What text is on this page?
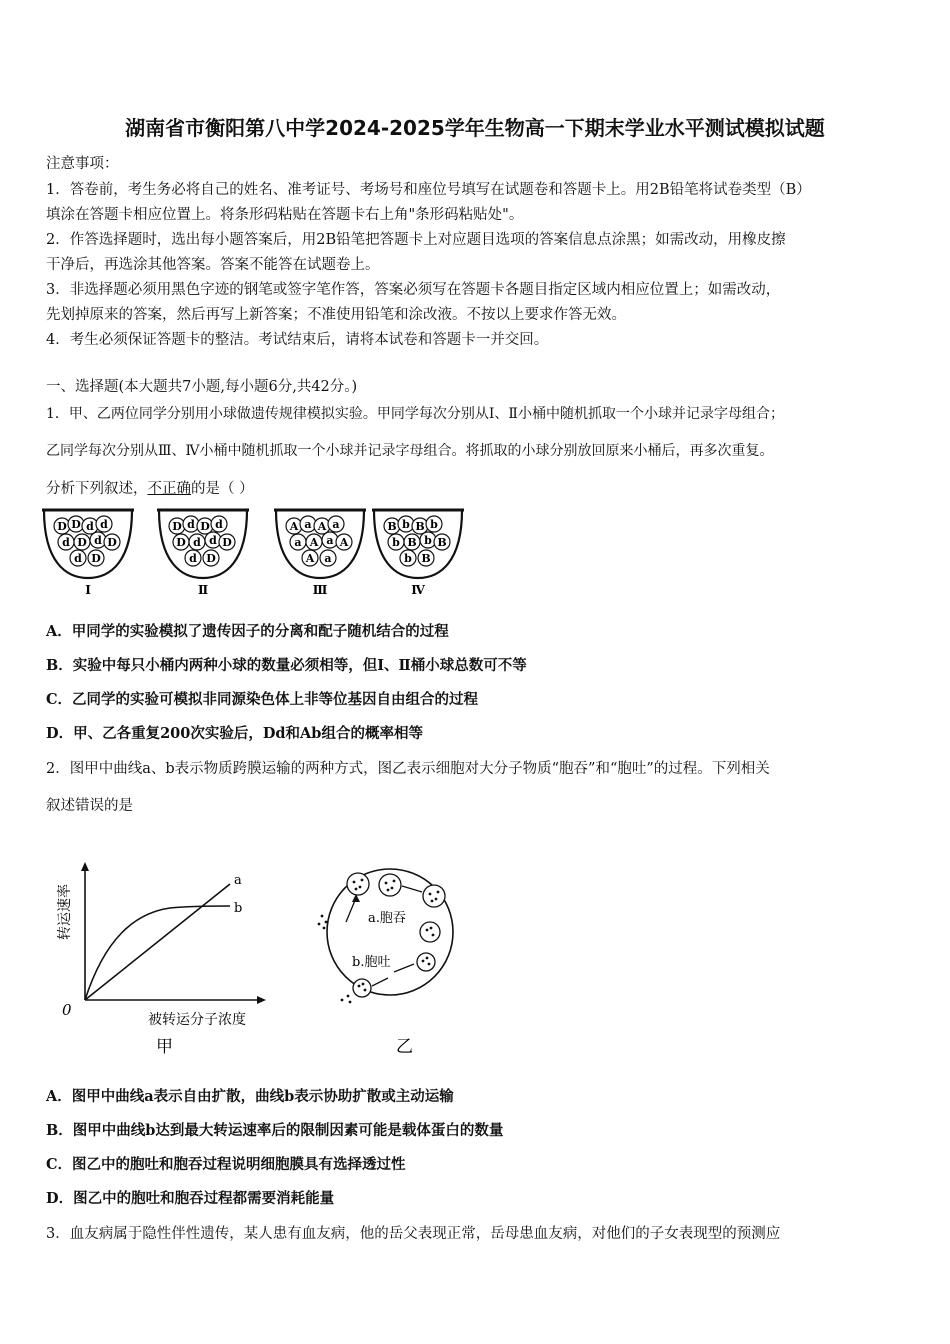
湖南省市衡阳第八中学2024-2025学年生物高一下期末学业水平测试模拟试题
注意事项：
1．答卷前，考生务必将自己的姓名、准考证号、考场号和座位号填写在试题卷和答题卡上。用2B铅笔将试卷类型（B）
填涂在答题卡相应位置上。将条形码粘贴在答题卡右上角"条形码粘贴处"。
2．作答选择题时，选出每小题答案后，用2B铅笔把答题卡上对应题目选项的答案信息点涂黑；如需改动，用橡皮擦
干净后，再选涂其他答案。答案不能答在试题卷上。
3．非选择题必须用黑色字迹的钢笔或签字笔作答，答案必须写在答题卡各题目指定区域内相应位置上；如需改动，
先划掉原来的答案，然后再写上新答案；不准使用铅笔和涂改液。不按以上要求作答无效。
4．考生必须保证答题卡的整洁。考试结束后，请将本试卷和答题卡一并交回。
一、选择题(本大题共7小题,每小题6分,共42分。)
1．甲、乙两位同学分别用小球做遗传规律模拟实验。甲同学每次分别从Ⅰ、Ⅱ小桶中随机抓取一个小球并记录字母组合；
乙同学每次分别从Ⅲ、Ⅳ小桶中随机抓取一个小球并记录字母组合。将抓取的小球分别放回原来小桶后，再多次重复。
分析下列叙述，不正确的是（ ）
D D d d
d D d D
d D
Ⅰ
D d D d
D d d D
d D
Ⅱ
A a A a
a A a A
A a
Ⅲ
B b B b
b B b B
b B
Ⅳ
A．甲同学的实验模拟了遗传因子的分离和配子随机结合的过程
B．实验中每只小桶内两种小球的数量必须相等，但Ⅰ、Ⅱ桶小球总数可不等
C．乙同学的实验可模拟非同源染色体上非等位基因自由组合的过程
D．甲、乙各重复200次实验后，Dd和Ab组合的概率相等
2．图甲中曲线a、b表示物质跨膜运输的两种方式，图乙表示细胞对大分子物质“胞吞”和“胞吐”的过程。下列相关
叙述错误的是
a
b
0
被转运分子浓度
转运速率
甲
a.胞吞
b.胞吐
乙
A．图甲中曲线a表示自由扩散，曲线b表示协助扩散或主动运输
B．图甲中曲线b达到最大转运速率后的限制因素可能是载体蛋白的数量
C．图乙中的胞吐和胞吞过程说明细胞膜具有选择透过性
D．图乙中的胞吐和胞吞过程都需要消耗能量
3．血友病属于隐性伴性遗传，某人患有血友病，他的岳父表现正常，岳母患血友病，对他们的子女表现型的预测应
